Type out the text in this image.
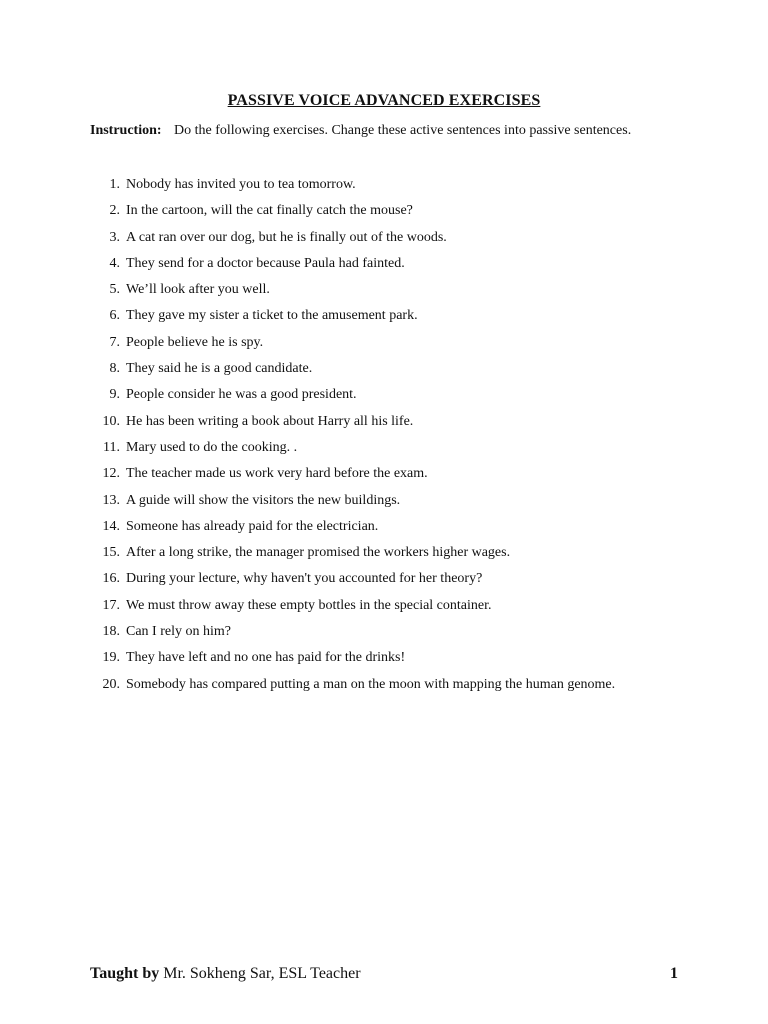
PASSIVE VOICE ADVANCED EXERCISES
Instruction: Do the following exercises. Change these active sentences into passive sentences.
1. Nobody has invited you to tea tomorrow.
2. In the cartoon, will the cat finally catch the mouse?
3. A cat ran over our dog, but he is finally out of the woods.
4. They send for a doctor because Paula had fainted.
5. We’ll look after you well.
6. They gave my sister a ticket to the amusement park.
7. People believe he is spy.
8. They said he is a good candidate.
9. People consider he was a good president.
10. He has been writing a book about Harry all his life.
11. Mary used to do the cooking. .
12. The teacher made us work very hard before the exam.
13. A guide will show the visitors the new buildings.
14. Someone has already paid for the electrician.
15. After a long strike, the manager promised the workers higher wages.
16. During your lecture, why haven't you accounted for her theory?
17. We must throw away these empty bottles in the special container.
18. Can I rely on him?
19. They have left and no one has paid for the drinks!
20. Somebody has compared putting a man on the moon with mapping the human genome.
Taught by Mr. Sokheng Sar, ESL Teacher	1
